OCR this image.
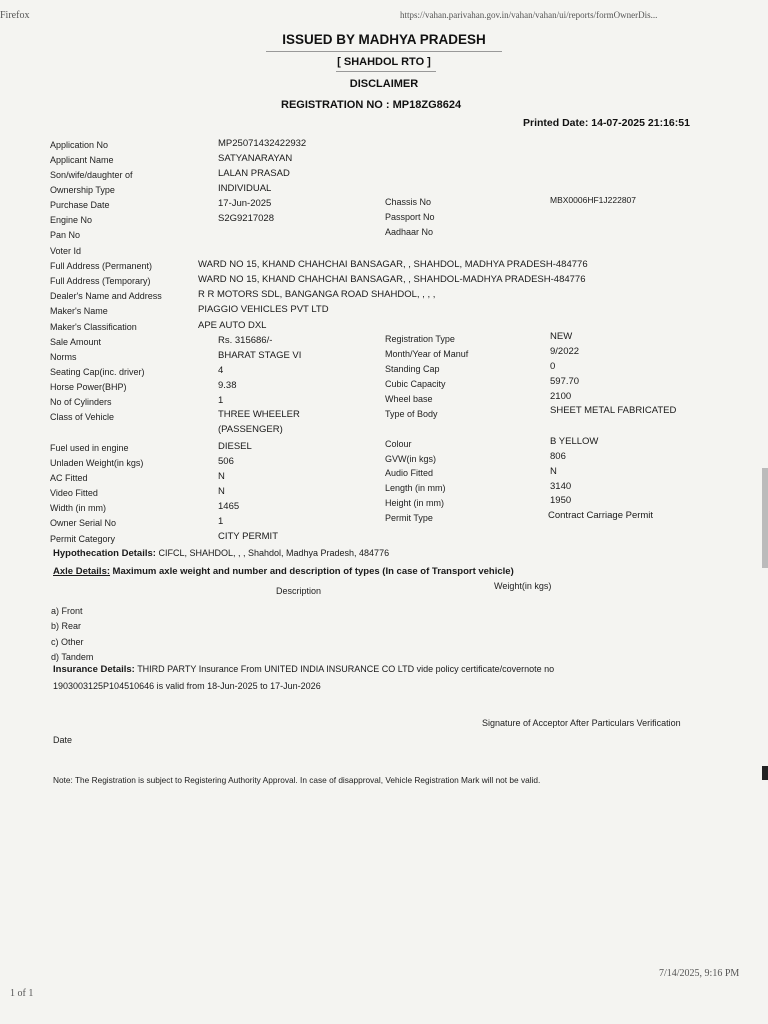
Firefox	https://vahan.parivahan.gov.in/vahan/vahan/ui/reports/formOwnerDis...
1 of 1
7/14/2025, 9:16 PM
ISSUED BY MADHYA PRADESH
[ SHAHDOL RTO ]
DISCLAIMER
REGISTRATION NO : MP18ZG8624
Printed Date: 14-07-2025 21:16:51
Application No
Applicant Name
Son/wife/daughter of
Ownership Type
Purchase Date
Engine No
Pan No
Voter Id
Full Address (Permanent)
Full Address (Temporary)
Dealer's Name and Address
Maker's Name
Maker's Classification
Sale Amount
Norms
Seating Cap(inc. driver)
Horse Power(BHP)
No of Cylinders
Class of Vehicle
Fuel used in engine
Unladen Weight(in kgs)
AC Fitted
Video Fitted
Width (in mm)
Owner Serial No
Permit Category
MP25071432422932
SATYANARAYAN
LALAN PRASAD
INDIVIDUAL
17-Jun-2025
S2G9217028
WARD NO 15, KHAND CHAHCHAI BANSAGAR, , SHAHDOL, MADHYA PRADESH-484776
WARD NO 15, KHAND CHAHCHAI BANSAGAR, , SHAHDOL-MADHYA PRADESH-484776
R R MOTORS SDL, BANGANGA ROAD SHAHDOL, , , ,
PIAGGIO VEHICLES PVT LTD
APE AUTO DXL
Rs. 315686/-
BHARAT STAGE VI
4
9.38
1
THREE WHEELER
(PASSENGER)
DIESEL
506
N
N
1465
1
CITY PERMIT
Chassis No
Passport No
Aadhaar No
Registration Type
Month/Year of Manuf
Standing Cap
Cubic Capacity
Wheel base
Type of Body
Colour
GVW(in kgs)
Audio Fitted
Length (in mm)
Height (in mm)
Permit Type
MBX0006HF1J222807
NEW
9/2022
0
597.70
2100
SHEET METAL FABRICATED
B YELLOW
806
N
3140
1950
Contract Carriage Permit
Hypothecation Details: CIFCL, SHAHDOL, , , Shahdol, Madhya Pradesh, 484776
Axle Details: Maximum axle weight and number and description of types (In case of Transport vehicle)
Description	Weight(in kgs)
a) Front
b) Rear
c) Other
d) Tandem
Insurance Details: THIRD PARTY Insurance From UNITED INDIA INSURANCE CO LTD vide policy certificate/covernote no
1903003125P104510646 is valid from 18-Jun-2025 to 17-Jun-2026
Signature of Acceptor After Particulars Verification
Date
Note: The Registration is subject to Registering Authority Approval. In case of disapproval, Vehicle Registration Mark will not be valid.
